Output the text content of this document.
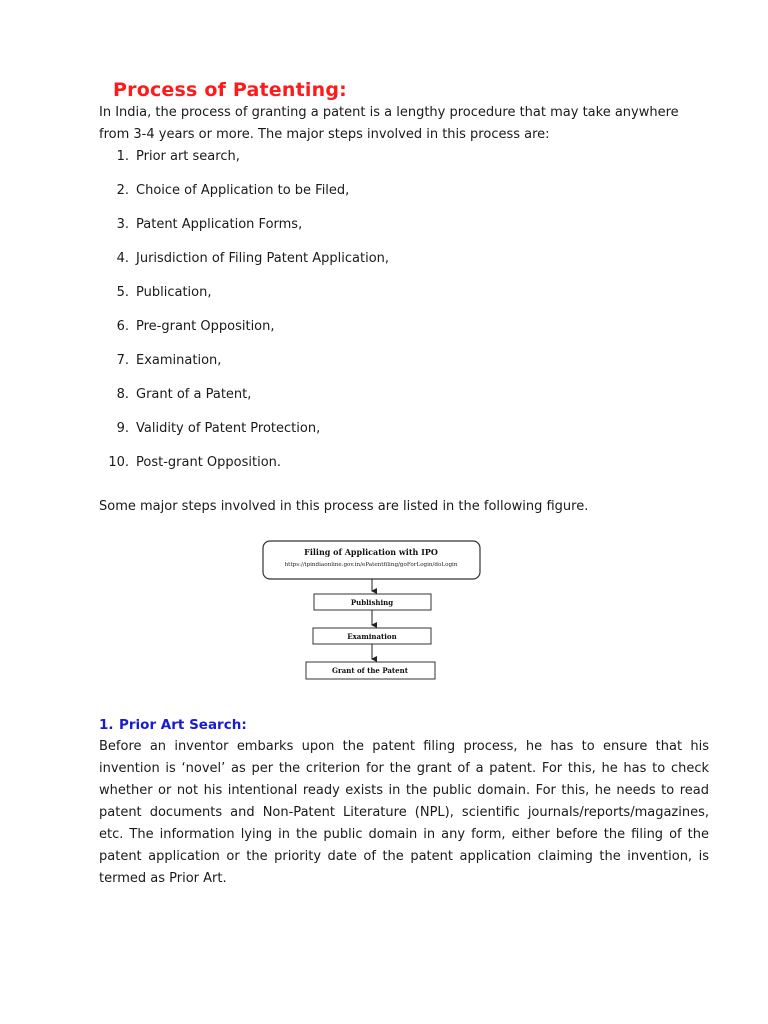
Process of Patenting:

In India, the process of granting a patent is a lengthy procedure that may take anywhere from 3-4 years or more. The major steps involved in this process are:

1. Prior art search,
2. Choice of Application to be Filed,
3. Patent Application Forms,
4. Jurisdiction of Filing Patent Application,
5. Publication,
6. Pre-grant Opposition,
7. Examination,
8. Grant of a Patent,
9. Validity of Patent Protection,
10. Post-grant Opposition.

Some major steps involved in this process are listed in the following figure.

Filing of Application with IPO
https://ipindiaonline.gov.in/ePatentfiling/goForLogin/doLogin
Publishing
Examination
Grant of the Patent
1. Prior Art Search:

Before an inventor embarks upon the patent filing process, he has to ensure that his invention is ‘novel’ as per the criterion for the grant of a patent. For this, he has to check whether or not his intentional ready exists in the public domain. For this, he needs to read patent documents and Non-Patent Literature (NPL), scientific journals/reports/magazines, etc. The information lying in the public domain in any form, either before the filing of the patent application or the priority date of the patent application claiming the invention, is termed as Prior Art.
